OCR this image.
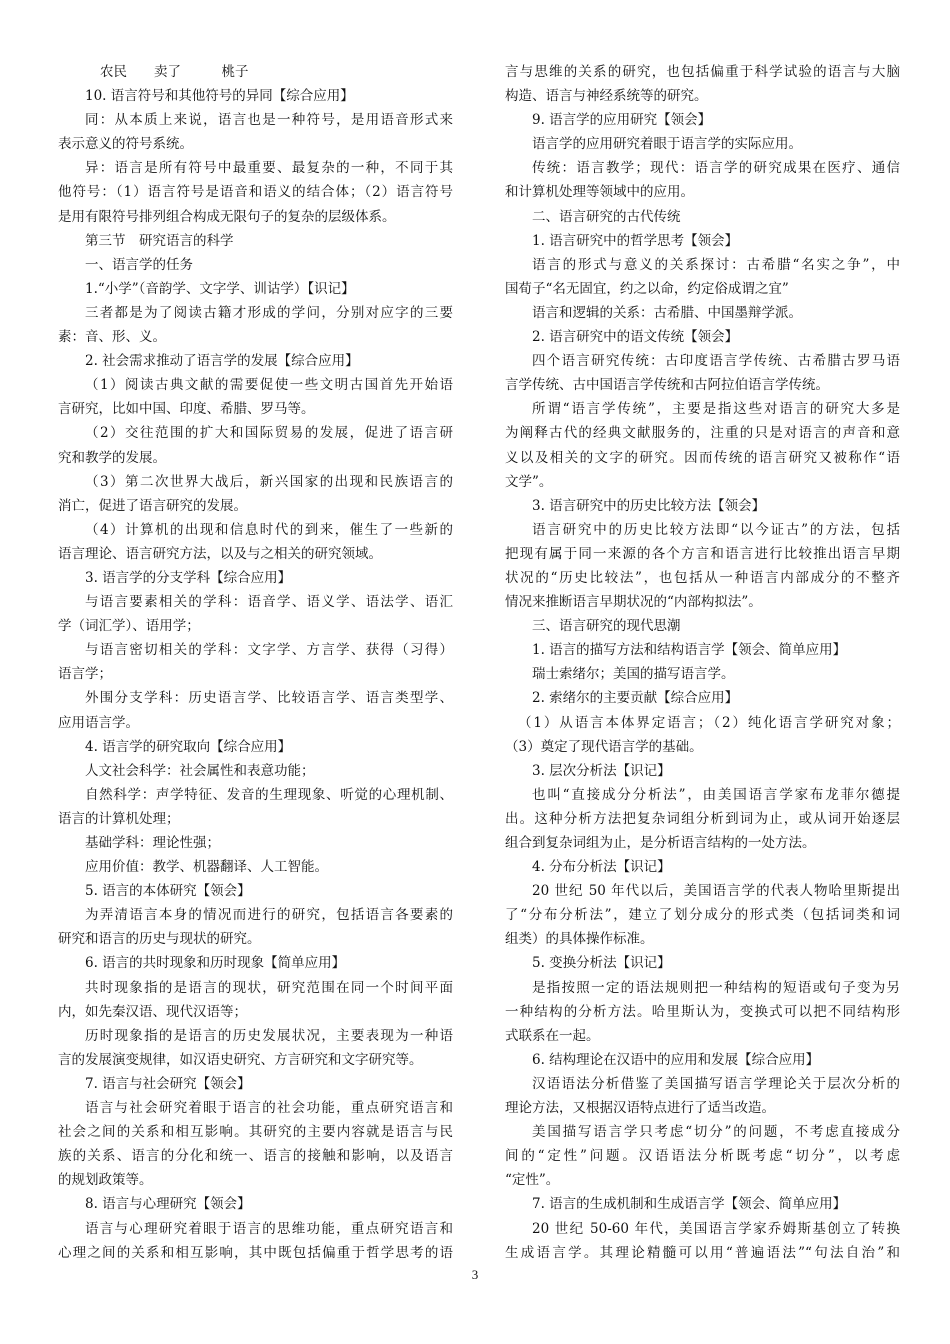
农民　　卖了　　　桃子
10. 语言符号和其他符号的异同【综合应用】
同：从本质上来说，语言也是一种符号，是用语音形式来
表示意义的符号系统。
异：语言是所有符号中最重要、最复杂的一种，不同于其
他符号：（1）语言符号是语音和语义的结合体；（2）语言符号
是用有限符号排列组合构成无限句子的复杂的层级体系。
第三节　研究语言的科学
一、语言学的任务
1.“小学”（音韵学、文字学、训诂学）【识记】
三者都是为了阅读古籍才形成的学问，分别对应字的三要
素：音、形、义。
2. 社会需求推动了语言学的发展【综合应用】
（1）阅读古典文献的需要促使一些文明古国首先开始语
言研究，比如中国、印度、希腊、罗马等。
（2）交往范围的扩大和国际贸易的发展，促进了语言研
究和教学的发展。
（3）第二次世界大战后，新兴国家的出现和民族语言的
消亡，促进了语言研究的发展。
（4）计算机的出现和信息时代的到来，催生了一些新的
语言理论、语言研究方法，以及与之相关的研究领域。
3. 语言学的分支学科【综合应用】
与语言要素相关的学科：语音学、语义学、语法学、语汇
学（词汇学）、语用学；
与语言密切相关的学科：文字学、方言学、获得（习得）
语言学；
外围分支学科：历史语言学、比较语言学、语言类型学、
应用语言学。
4. 语言学的研究取向【综合应用】
人文社会科学：社会属性和表意功能；
自然科学：声学特征、发音的生理现象、听觉的心理机制、
语言的计算机处理；
基础学科：理论性强；
应用价值：教学、机器翻译、人工智能。
5. 语言的本体研究【领会】
为弄清语言本身的情况而进行的研究，包括语言各要素的
研究和语言的历史与现状的研究。
6. 语言的共时现象和历时现象【简单应用】
共时现象指的是语言的现状，研究范围在同一个时间平面
内，如先秦汉语、现代汉语等；
历时现象指的是语言的历史发展状况，主要表现为一种语
言的发展演变规律，如汉语史研究、方言研究和文字研究等。
7. 语言与社会研究【领会】
语言与社会研究着眼于语言的社会功能，重点研究语言和
社会之间的关系和相互影响。其研究的主要内容就是语言与民
族的关系、语言的分化和统一、语言的接触和影响，以及语言
的规划政策等。
8. 语言与心理研究【领会】
语言与心理研究着眼于语言的思维功能，重点研究语言和
心理之间的关系和相互影响，其中既包括偏重于哲学思考的语
言与思维的关系的研究，也包括偏重于科学试验的语言与大脑
构造、语言与神经系统等的研究。
9. 语言学的应用研究【领会】
语言学的应用研究着眼于语言学的实际应用。
传统：语言教学；现代：语言学的研究成果在医疗、通信
和计算机处理等领域中的应用。
二、语言研究的古代传统
1. 语言研究中的哲学思考【领会】
语言的形式与意义的关系探讨：古希腊“名实之争”，中
国荀子“名无固宜，约之以命，约定俗成谓之宜”
语言和逻辑的关系：古希腊、中国墨辩学派。
2. 语言研究中的语文传统【领会】
四个语言研究传统：古印度语言学传统、古希腊古罗马语
言学传统、古中国语言学传统和古阿拉伯语言学传统。
所谓“语言学传统”，主要是指这些对语言的研究大多是
为阐释古代的经典文献服务的，注重的只是对语言的声音和意
义以及相关的文字的研究。因而传统的语言研究又被称作“语
文学”。
3. 语言研究中的历史比较方法【领会】
语言研究中的历史比较方法即“以今证古”的方法，包括
把现有属于同一来源的各个方言和语言进行比较推出语言早期
状况的“历史比较法”，也包括从一种语言内部成分的不整齐
情况来推断语言早期状况的“内部构拟法”。
三、语言研究的现代思潮
1. 语言的描写方法和结构语言学【领会、简单应用】
瑞士索绪尔；美国的描写语言学。
2. 索绪尔的主要贡献【综合应用】
（1）从语言本体界定语言；（2）纯化语言学研究对象；
（3）奠定了现代语言学的基础。
3. 层次分析法【识记】
也叫“直接成分分析法”，由美国语言学家布龙菲尔德提
出。这种分析方法把复杂词组分析到词为止，或从词开始逐层
组合到复杂词组为止，是分析语言结构的一处方法。
4. 分布分析法【识记】
20 世纪 50 年代以后，美国语言学的代表人物哈里斯提出
了“分布分析法”，建立了划分成分的形式类（包括词类和词
组类）的具体操作标准。
5. 变换分析法【识记】
是指按照一定的语法规则把一种结构的短语或句子变为另
一种结构的分析方法。哈里斯认为，变换式可以把不同结构形
式联系在一起。
6. 结构理论在汉语中的应用和发展【综合应用】
汉语语法分析借鉴了美国描写语言学理论关于层次分析的
理论方法，又根据汉语特点进行了适当改造。
美国描写语言学只考虑“切分”的问题，不考虑直接成分
间的“定性”问题。汉语语法分析既考虑“切分”，以考虑
“定性”。
7. 语言的生成机制和生成语言学【领会、简单应用】
20 世纪 50-60 年代，美国语言学家乔姆斯基创立了转换
生成语言学。其理论精髓可以用“普遍语法”“句法自治”和
3
